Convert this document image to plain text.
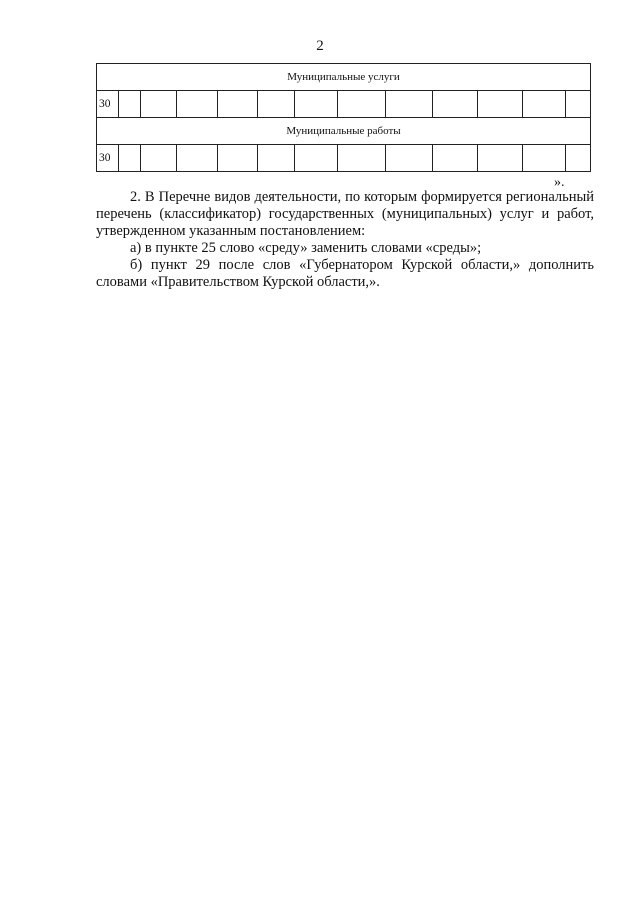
2
Муниципальные услуги												
30												
Муниципальные работы												
30												
».

2. В Перечне видов деятельности, по которым формируется региональный перечень (классификатор) государственных (муниципальных) услуг и работ, утвержденном указанным постановлением:

а) в пункте 25 слово «среду» заменить словами «среды»;

б) пункт 29 после слов «Губернатором Курской области,» дополнить словами «Правительством Курской области,».
